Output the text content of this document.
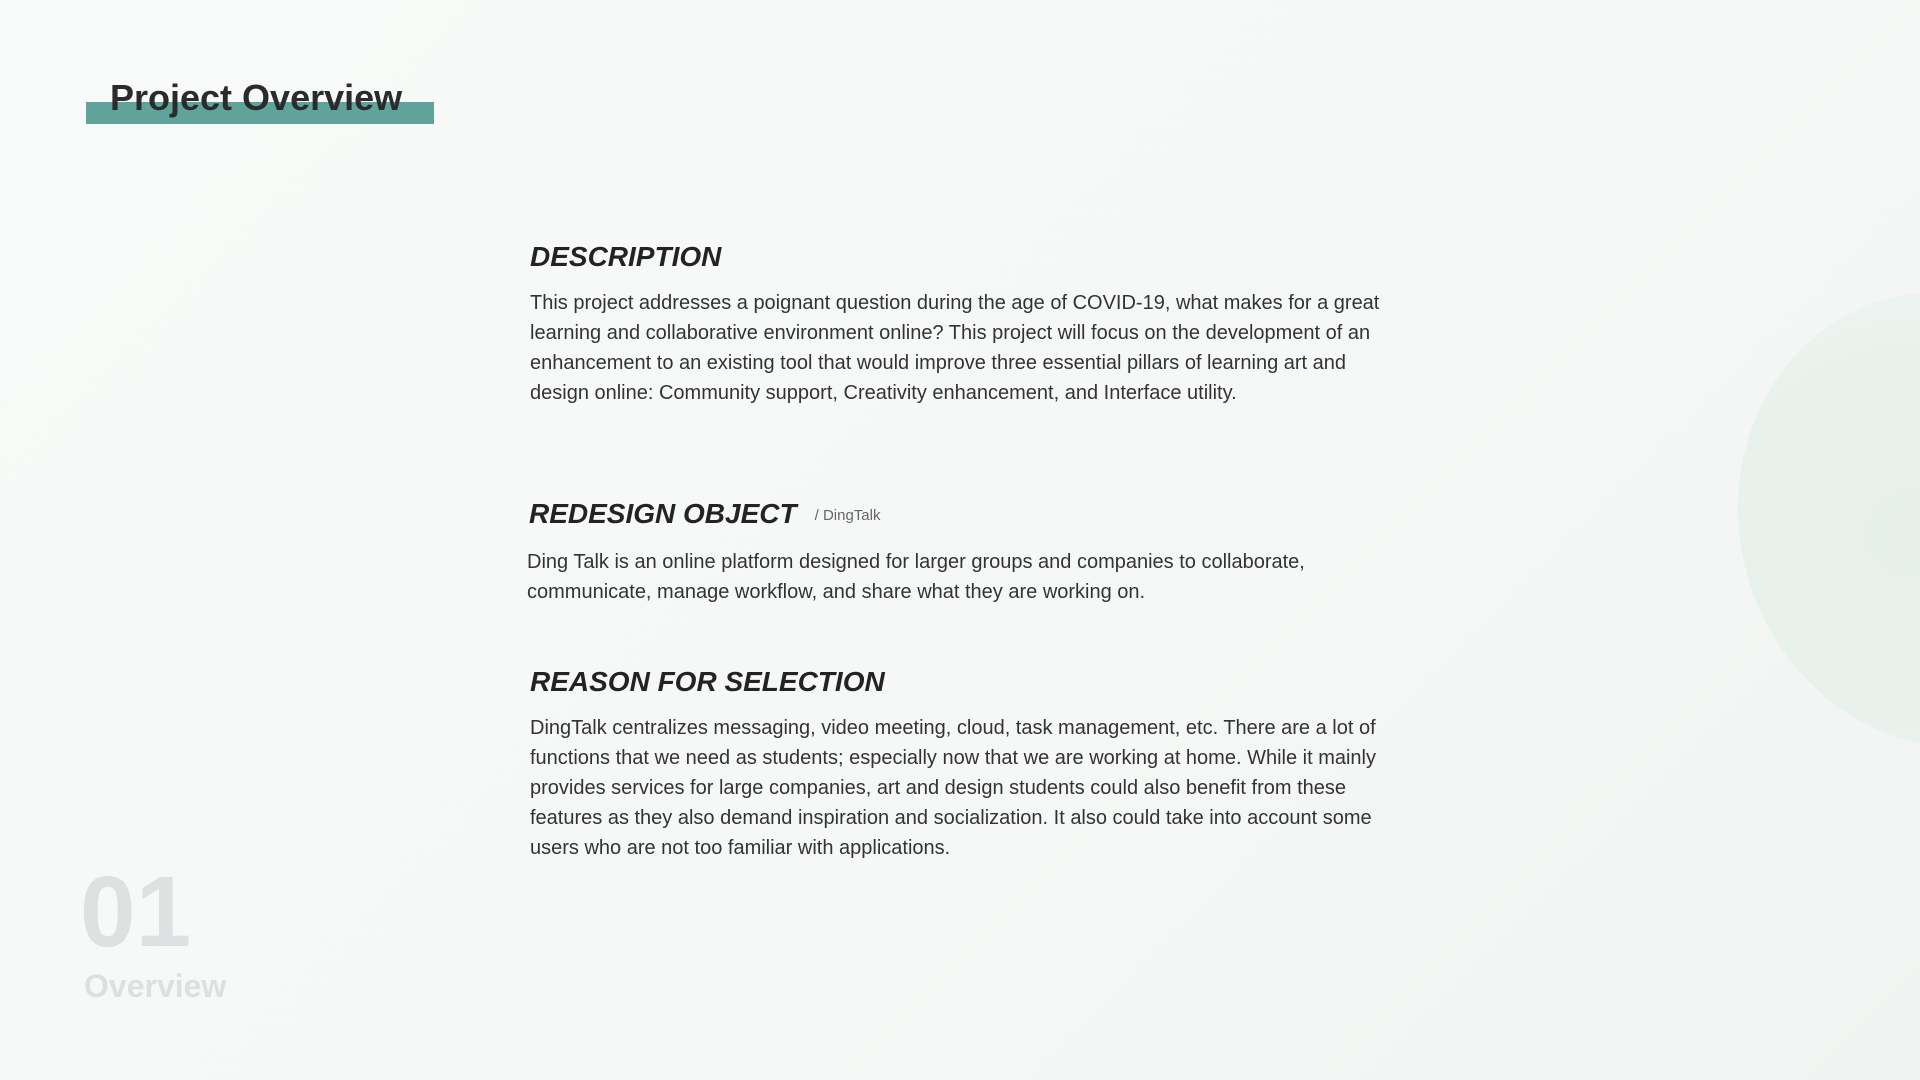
Project Overview
DESCRIPTION

This project addresses a poignant question during the age of COVID-19, what makes for a great learning and collaborative environment online? This project will focus on the development of an enhancement to an existing tool that would improve three essential pillars of learning art and design online: Community support, Creativity enhancement, and Interface utility.

REDESIGN OBJECT / DingTalk

Ding Talk is an online platform designed for larger groups and companies to collaborate, communicate, manage workflow, and share what they are working on.

REASON FOR SELECTION

DingTalk centralizes messaging, video meeting, cloud, task management, etc. There are a lot of functions that we need as students; especially now that we are working at home. While it mainly provides services for large companies, art and design students could also benefit from these features as they also demand inspiration and socialization. It also could take into account some users who are not too familiar with applications.

01
Overview
